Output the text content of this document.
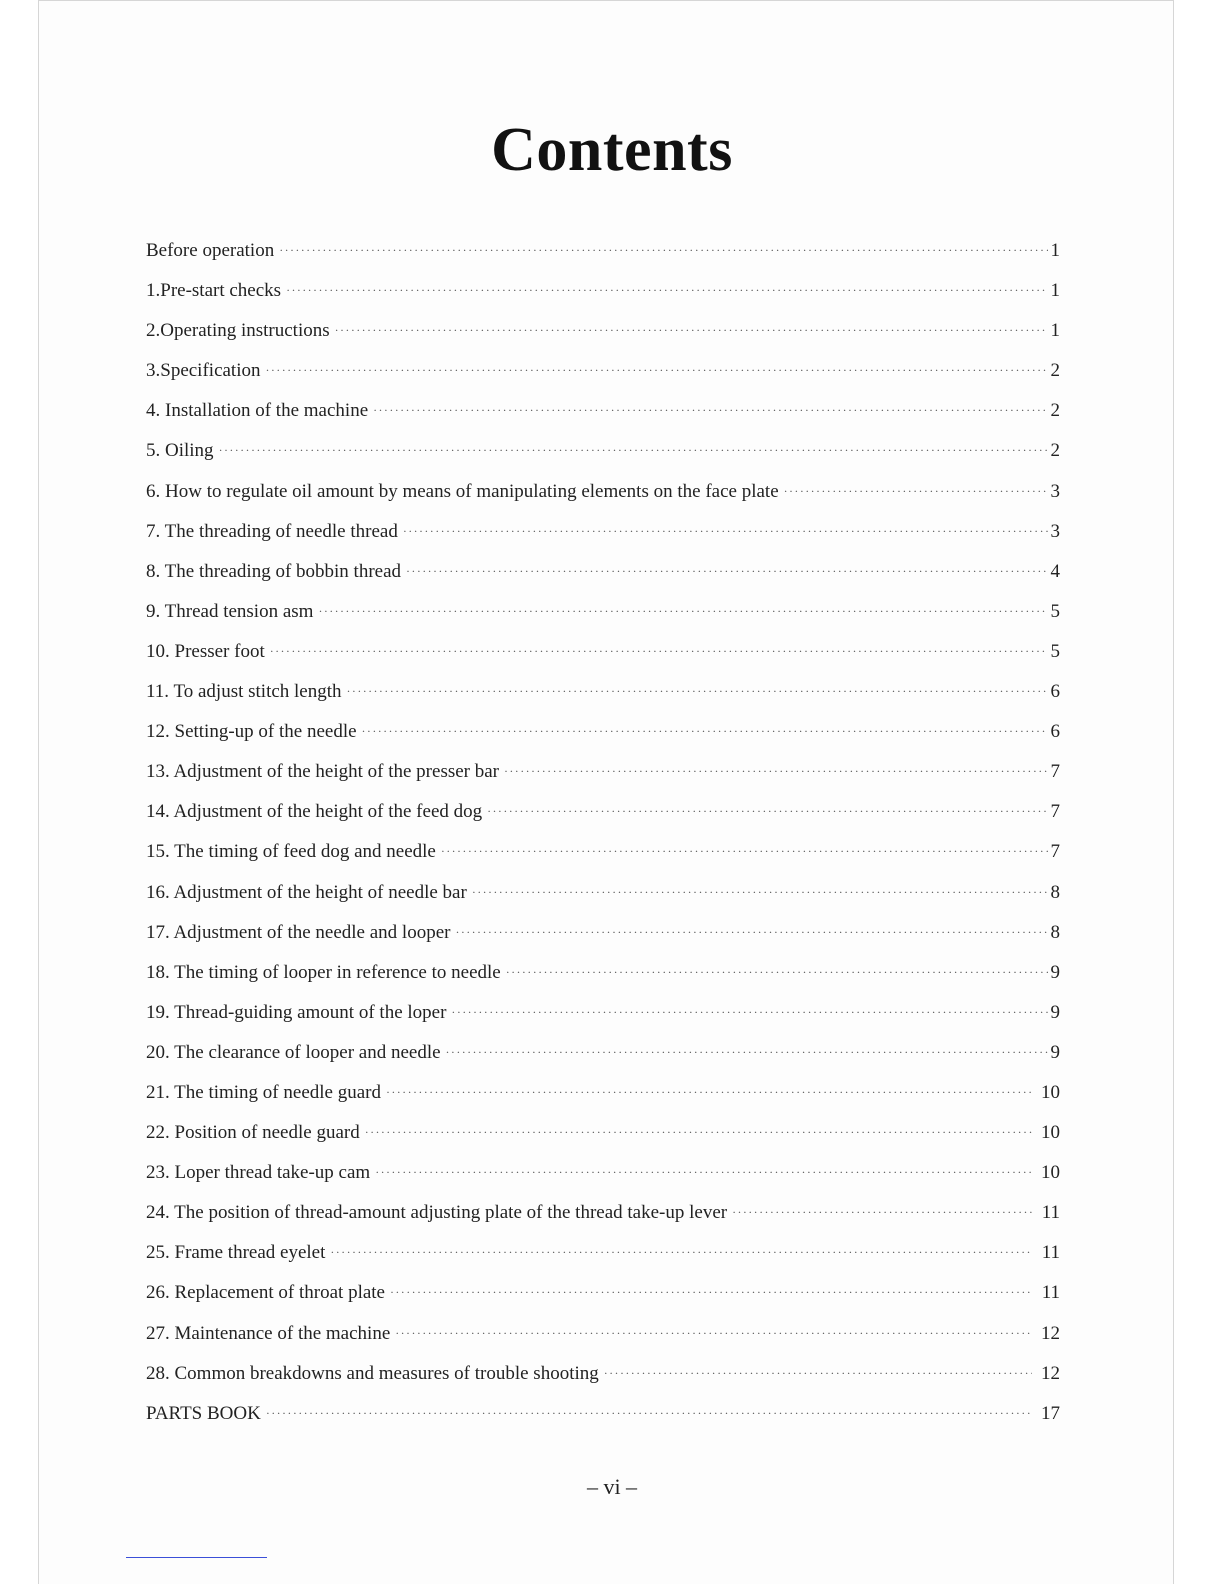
Contents
Before operation ·····	1
1.Pre-start checks ·····	1
2.Operating instructions ·····	1
3.Specification ·····	2
4. Installation of the machine ·····	2
5. Oiling ·····	2
6. How to regulate oil amount by means of manipulating elements on the face plate ·····	3
7. The threading of needle thread ·····	3
8. The threading of bobbin thread ·····	4
9. Thread tension asm ·····	5
10. Presser foot ·····	5
11. To adjust stitch length ·····	6
12. Setting-up of the needle ·····	6
13. Adjustment of the height of the presser bar ·····	7
14. Adjustment of the height of the feed dog ·····	7
15. The timing of feed dog and needle ·····	7
16. Adjustment of the height of needle bar ·····	8
17. Adjustment of the needle and looper ·····	8
18. The timing of looper in reference to needle ·····	9
19. Thread-guiding amount of the loper ·····	9
20. The clearance of looper and needle ·····	9
21. The timing of needle guard ·····	10
22. Position of needle guard ·····	10
23. Loper thread take-up cam ·····	10
24. The position of thread-amount adjusting plate of the thread take-up lever ·····	11
25. Frame thread eyelet ·····	11
26. Replacement of throat plate ·····	11
27. Maintenance of the machine ·····	12
28. Common breakdowns and measures of trouble shooting ·····	12
PARTS BOOK ·····	17
– vi –
